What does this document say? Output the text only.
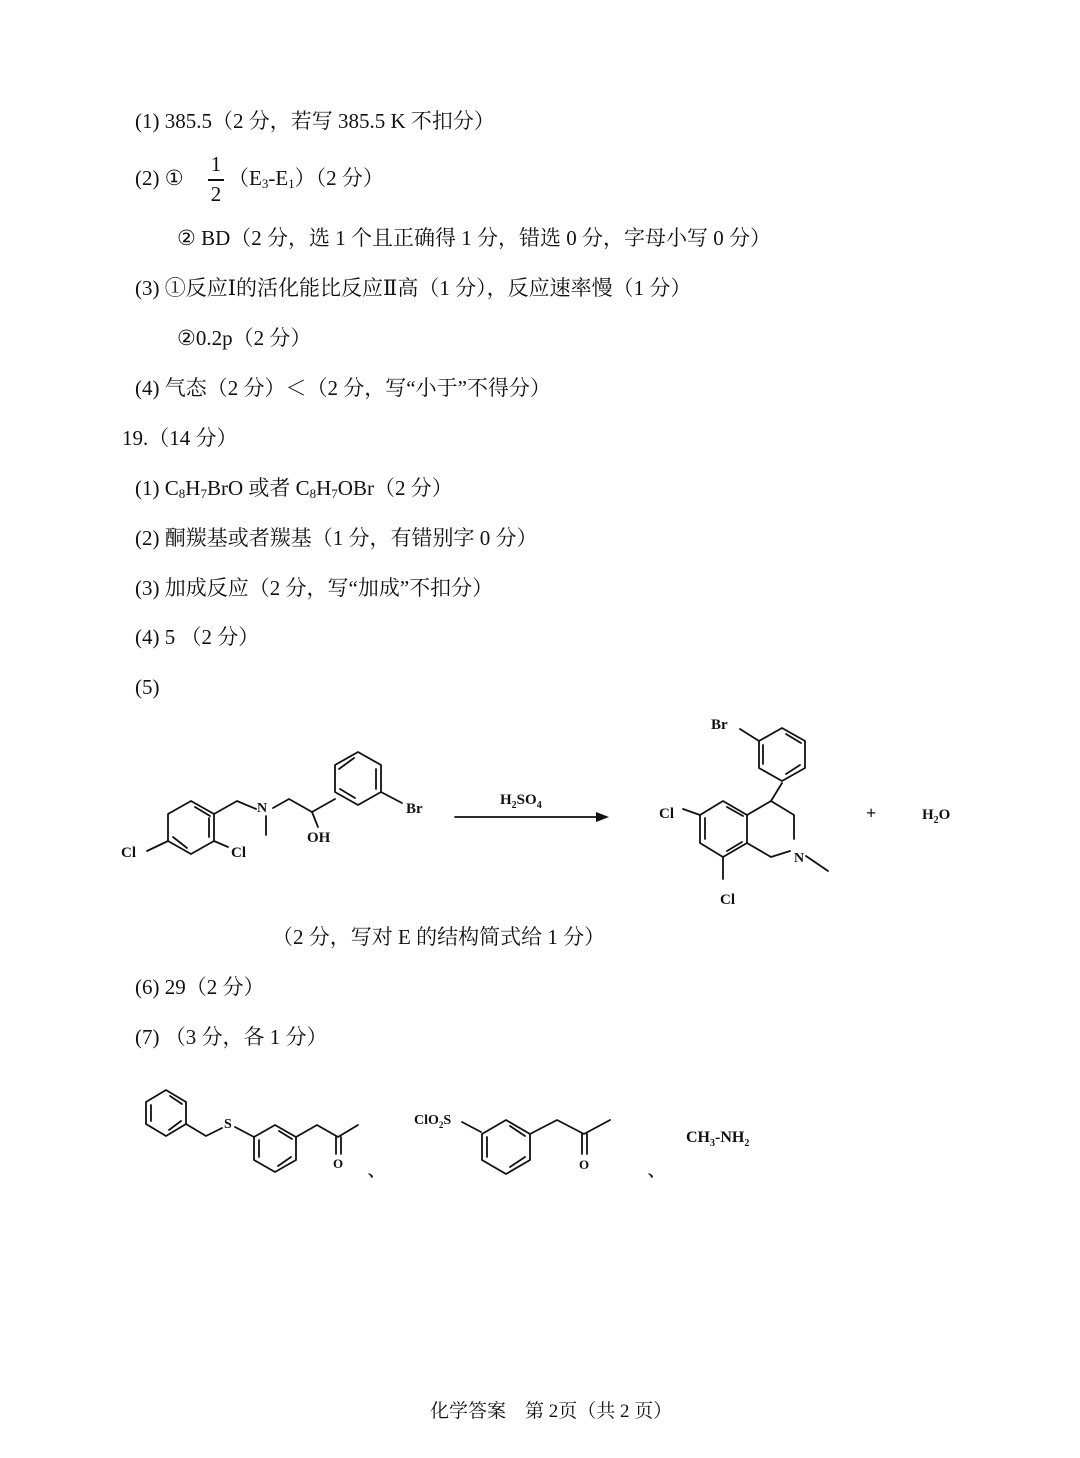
(1) 385.5（2 分，若写 385.5 K 不扣分）
(2) ①
1
2
$(E_3-E_1)(2$ 分）
② BD（2 分，选 1 个且正确得 1 分，错选 0 分，字母小写 0 分）
(3) ①反应Ⅰ的活化能比反应Ⅱ高（1 分），反应速率慢（1 分）
②0.2p（2 分）
(4) 气态（2 分）＜（2 分，写“小于”不得分）
19.（14 分）
(1) $C_8H_7BrO$ 或者 $C_8H_7OBr(2$ 分）
(2) 酮羰基或者羰基（1 分，有错别字 0 分）
(3) 加成反应（2 分，写“加成”不扣分）
(4) 5 （2 分）
(5)
Cl	Cl
N
OH
Br
$H_2SO_4$
N
Cl
Cl
Br
+	$H_2O$
（2 分，写对 E 的结构简式给 1 分）
(6) 29（2 分）
(7) （3 分，各 1 分）
S
O 、
ClO$_2$S
O	、
$CH_3-NH_2$
化学答案　第 2页（共 2 页）
